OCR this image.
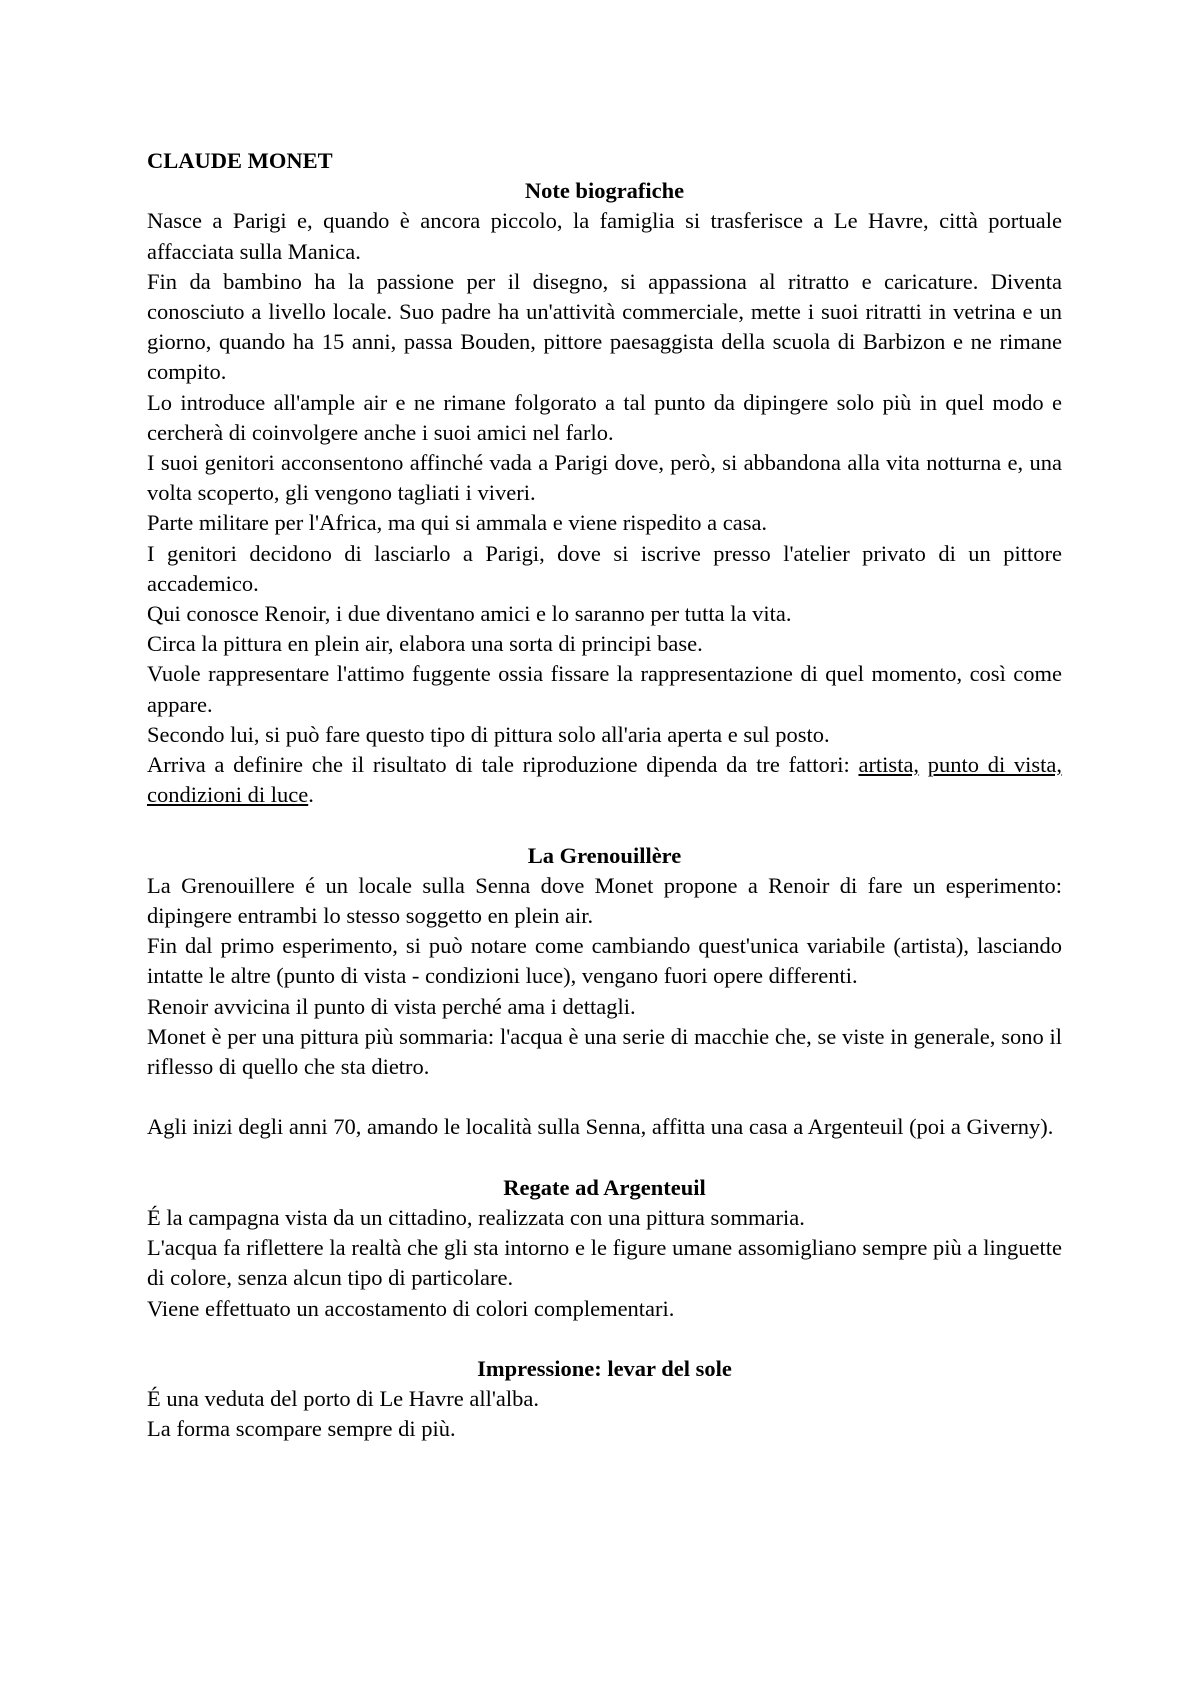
CLAUDE MONET
Note biografiche

Nasce a Parigi e, quando è ancora piccolo, la famiglia si trasferisce a Le Havre, città portuale affacciata sulla Manica.

Fin da bambino ha la passione per il disegno, si appassiona al ritratto e caricature. Diventa conosciuto a livello locale. Suo padre ha un'attività commerciale, mette i suoi ritratti in vetrina e un giorno, quando ha 15 anni, passa Bouden, pittore paesaggista della scuola di Barbizon e ne rimane compito.

Lo introduce all'ample air e ne rimane folgorato a tal punto da dipingere solo più in quel modo e cercherà di coinvolgere anche i suoi amici nel farlo.

I suoi genitori acconsentono affinché vada a Parigi dove, però, si abbandona alla vita notturna e, una volta scoperto, gli vengono tagliati i viveri.

Parte militare per l'Africa, ma qui si ammala e viene rispedito a casa.

I genitori decidono di lasciarlo a Parigi, dove si iscrive presso l'atelier privato di un pittore accademico.

Qui conosce Renoir, i due diventano amici e lo saranno per tutta la vita.

Circa la pittura en plein air, elabora una sorta di principi base.

Vuole rappresentare l'attimo fuggente ossia fissare la rappresentazione di quel momento, così come appare.

Secondo lui, si può fare questo tipo di pittura solo all'aria aperta e sul posto.

Arriva a definire che il risultato di tale riproduzione dipenda da tre fattori: artista, punto di vista, condizioni di luce.

La Grenouillère

La Grenouillere é un locale sulla Senna dove Monet propone a Renoir di fare un esperimento: dipingere entrambi lo stesso soggetto en plein air.

Fin dal primo esperimento, si può notare come cambiando quest'unica variabile (artista), lasciando intatte le altre (punto di vista - condizioni luce), vengano fuori opere differenti.

Renoir avvicina il punto di vista perché ama i dettagli.

Monet è per una pittura più sommaria: l'acqua è una serie di macchie che, se viste in generale, sono il riflesso di quello che sta dietro.

Agli inizi degli anni 70, amando le località sulla Senna, affitta una casa a Argenteuil (poi a Giverny).

Regate ad Argenteuil

É la campagna vista da un cittadino, realizzata con una pittura sommaria.

L'acqua fa riflettere la realtà che gli sta intorno e le figure umane assomigliano sempre più a linguette di colore, senza alcun tipo di particolare.

Viene effettuato un accostamento di colori complementari.

Impressione: levar del sole

É una veduta del porto di Le Havre all'alba.

La forma scompare sempre di più.
